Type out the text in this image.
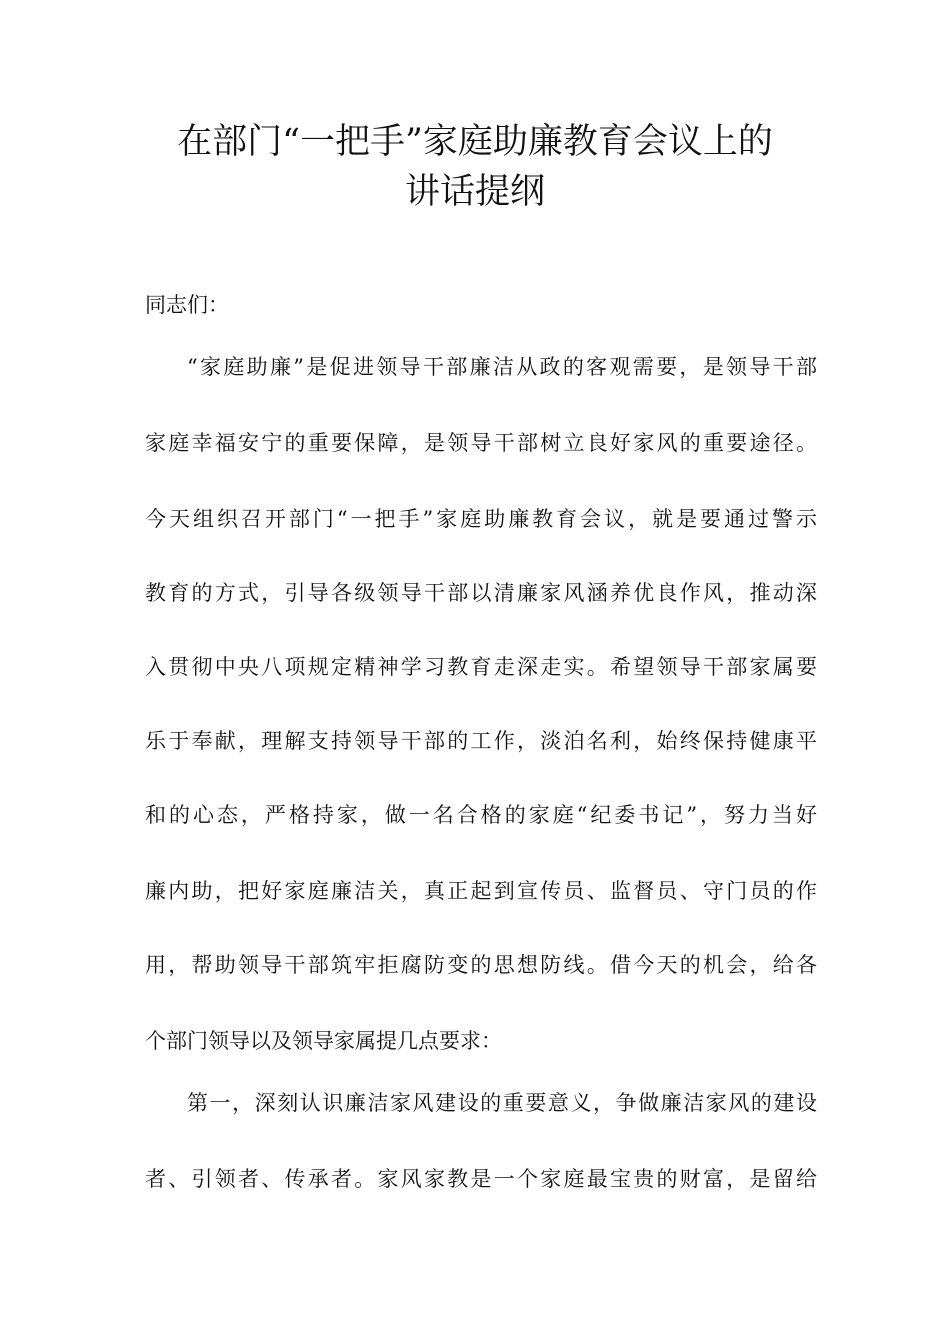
在部门“一把手”家庭助廉教育会议上的
讲话提纲
同志们：
“家庭助廉”是促进领导干部廉洁从政的客观需要，是领导干部
家庭幸福安宁的重要保障，是领导干部树立良好家风的重要途径。
今天组织召开部门“一把手”家庭助廉教育会议，就是要通过警示
教育的方式，引导各级领导干部以清廉家风涵养优良作风，推动深
入贯彻中央八项规定精神学习教育走深走实。希望领导干部家属要
乐于奉献，理解支持领导干部的工作，淡泊名利，始终保持健康平
和的心态，严格持家，做一名合格的家庭“纪委书记”，努力当好
廉内助，把好家庭廉洁关，真正起到宣传员、监督员、守门员的作
用，帮助领导干部筑牢拒腐防变的思想防线。借今天的机会，给各
个部门领导以及领导家属提几点要求：
第一，深刻认识廉洁家风建设的重要意义，争做廉洁家风的建设
者、引领者、传承者。家风家教是一个家庭最宝贵的财富，是留给
